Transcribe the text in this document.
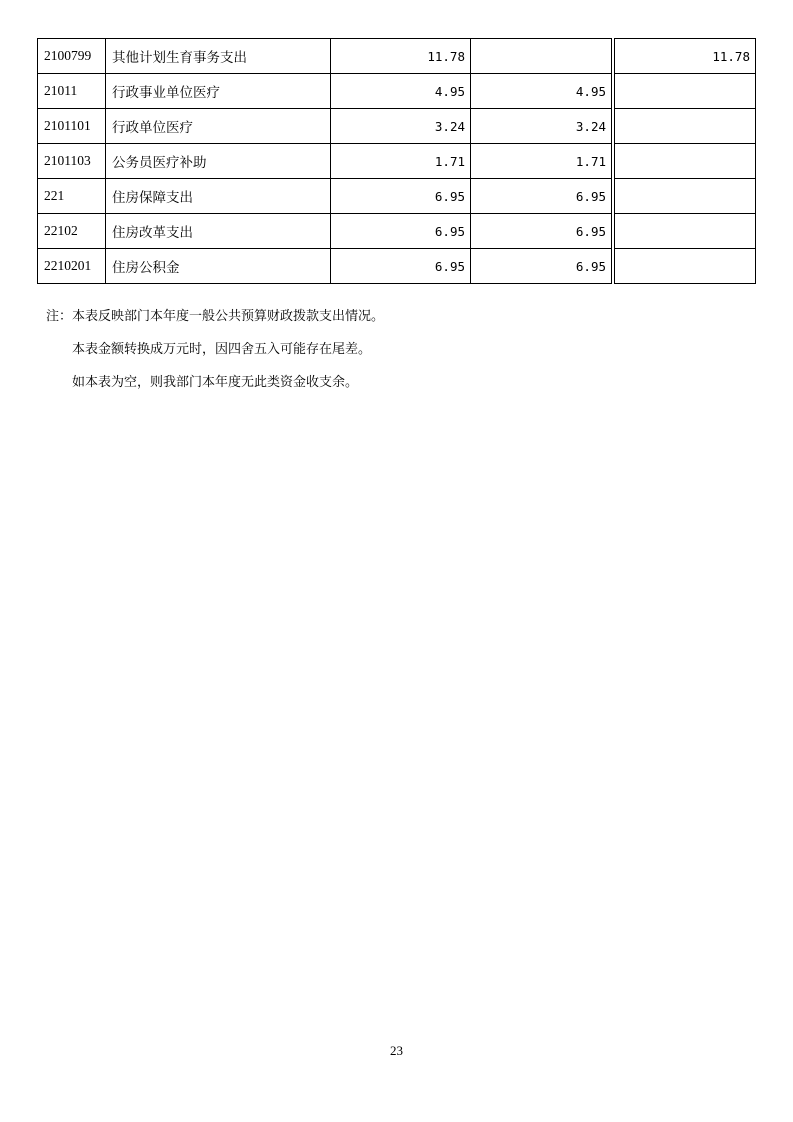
2100799	其他计划生育事务支出	11.78			11.78
21011	行政事业单位医疗	4.95	4.95		
2101101	行政单位医疗	3.24	3.24		
2101103	公务员医疗补助	1.71	1.71		
221	住房保障支出	6.95	6.95		
22102	住房改革支出	6.95	6.95		
2210201	住房公积金	6.95	6.95		
注：本表反映部门本年度一般公共预算财政拨款支出情况。
本表金额转换成万元时，因四舍五入可能存在尾差。
如本表为空，则我部门本年度无此类资金收支余。
23
